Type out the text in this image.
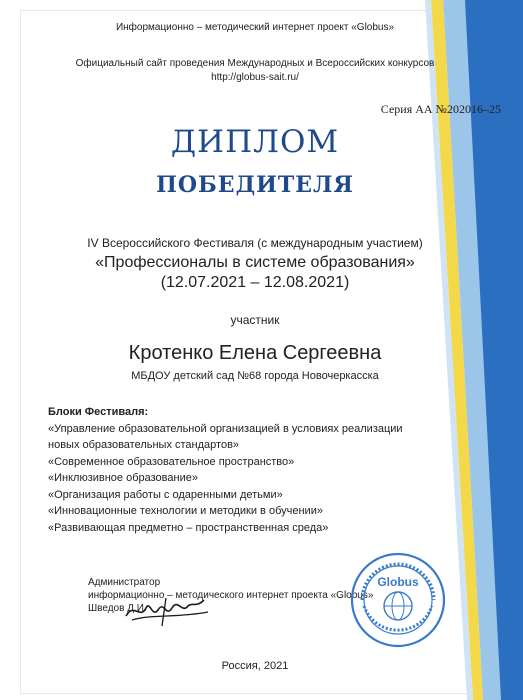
Информационно – методический интернет проект «Globus»
Официальный сайт проведения Международных и Всероссийских конкурсов
http://globus-sait.ru/
Серия АА №202016–25
ДИПЛОМ
ПОБЕДИТЕЛЯ
IV Всероссийского Фестиваля (с международным участием)
«Профессионалы в системе образования»
(12.07.2021 – 12.08.2021)
участник
Кротенко Елена Сергеевна
МБДОУ детский сад №68 города Новочеркасска
Блоки Фестиваля:
«Управление образовательной организацией в условиях реализации
новых образовательных стандартов»
«Современное образовательное пространство»
«Инклюзивное образование»
«Организация работы с одаренными детьми»
«Инновационные технологии и методики в обучении»
«Развивающая предметно – пространственная среда»
Администратор
информационно – методического интернет проекта «Globus»
Шведов Д.И.
Globus
Россия, 2021
